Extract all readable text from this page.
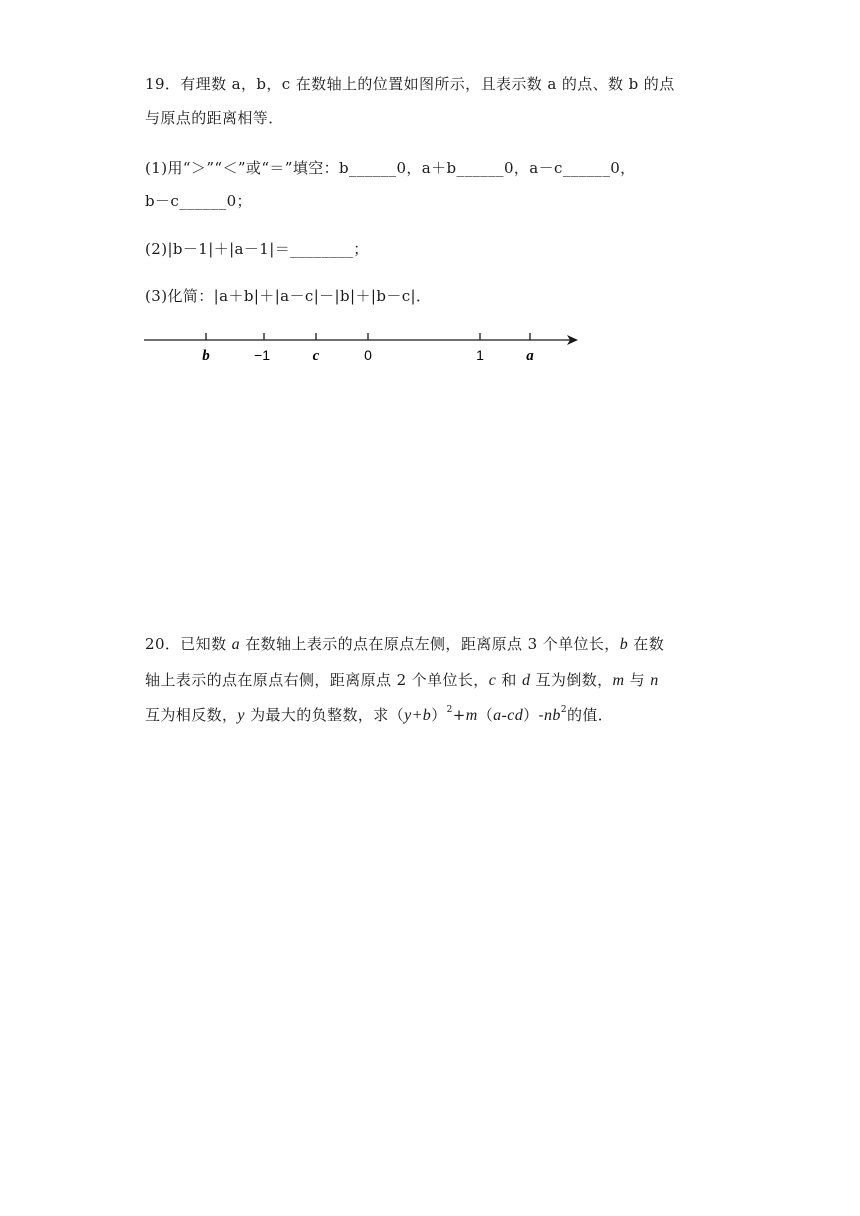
19．有理数 a，b，c 在数轴上的位置如图所示，且表示数 a 的点、数 b 的点
与原点的距离相等．
(1)用“＞”“＜”或“＝”填空：b______0，a＋b______0，a－c______0，
b－c______0；
(2)|b－1|＋|a－1|＝________；
(3)化简：|a＋b|＋|a－c|－|b|＋|b－c|．
b	−1	c	0	1	a
20．已知数 a 在数轴上表示的点在原点左侧，距离原点 3 个单位长，b 在数
轴上表示的点在原点右侧，距离原点 2 个单位长，c 和 d 互为倒数，m 与 n
互为相反数，y 为最大的负整数，求$(y+b)^2+m(a-cd)-nb^2$的值．
